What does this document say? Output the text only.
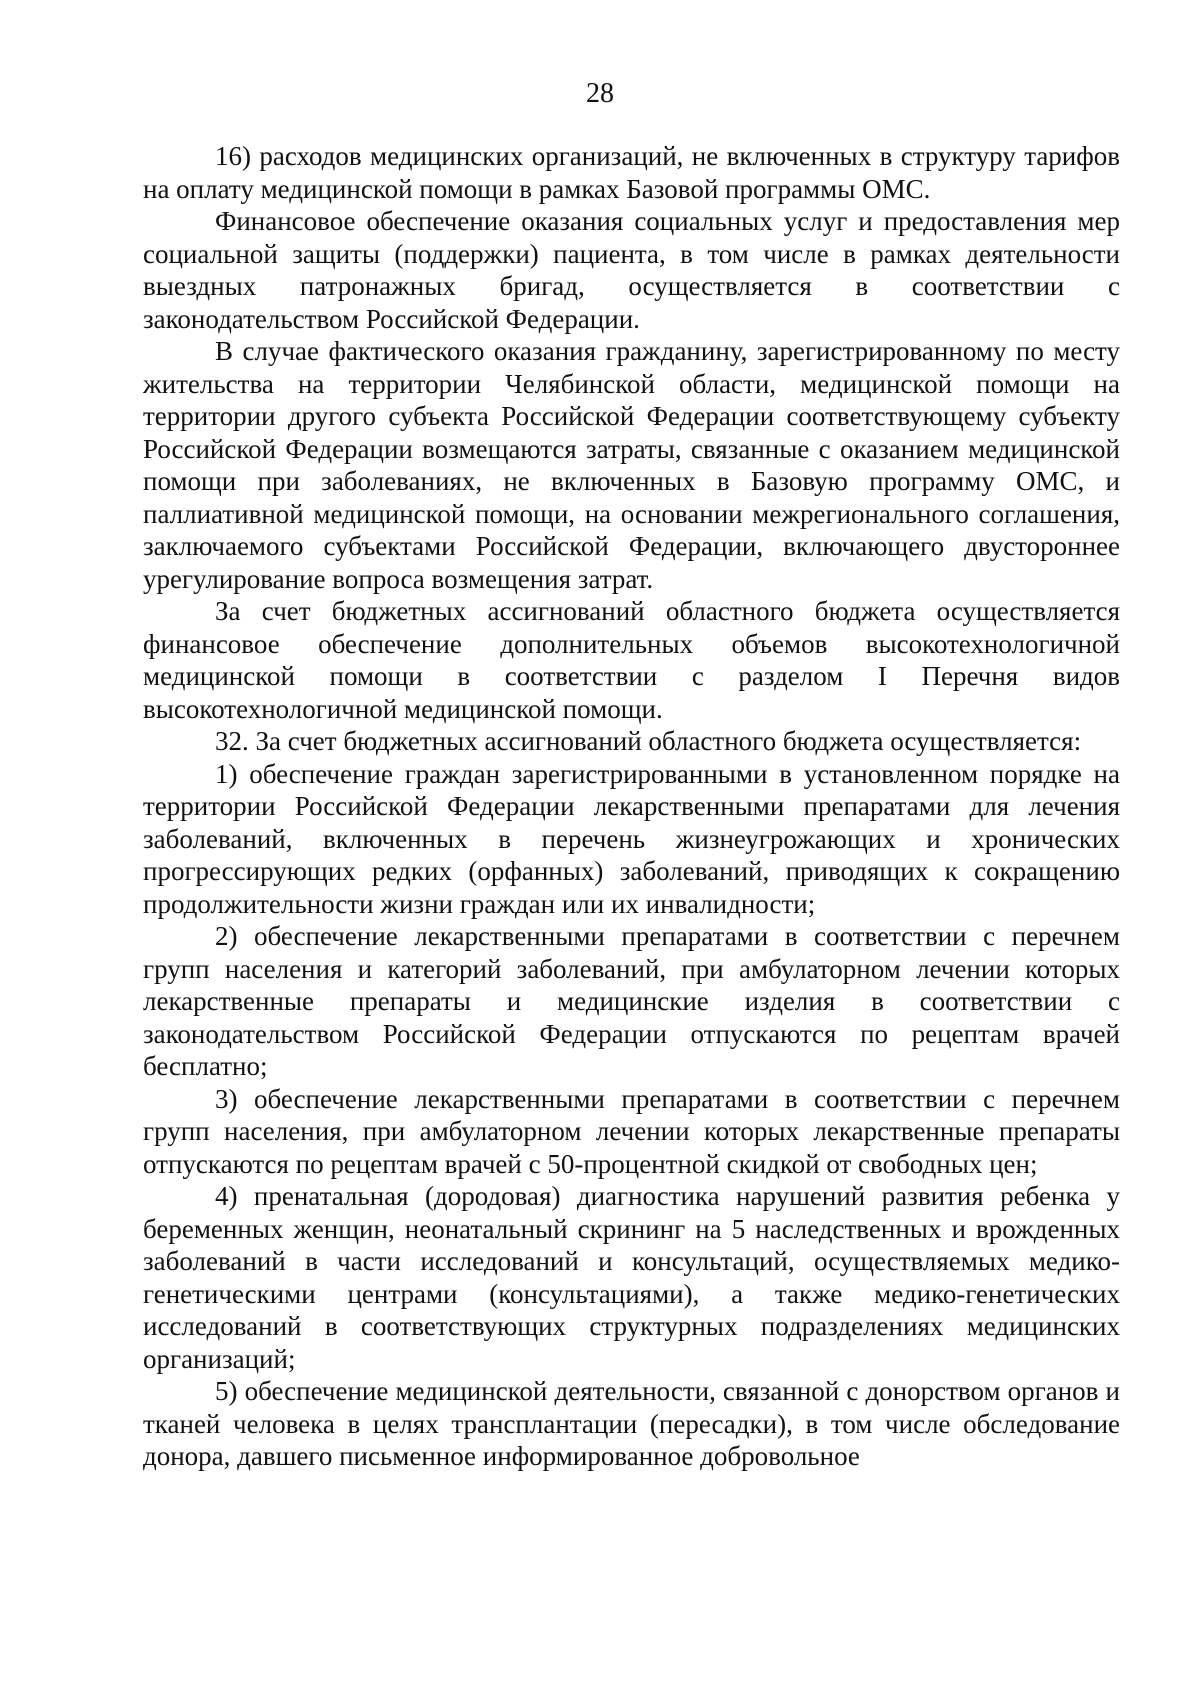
28

16) расходов медицинских организаций, не включенных в структуру тарифов на оплату медицинской помощи в рамках Базовой программы ОМС.

Финансовое обеспечение оказания социальных услуг и предоставления мер социальной защиты (поддержки) пациента, в том числе в рамках деятельности выездных патронажных бригад, осуществляется в соответствии с законодательством Российской Федерации.

В случае фактического оказания гражданину, зарегистрированному по месту жительства на территории Челябинской области, медицинской помощи на территории другого субъекта Российской Федерации соответствующему субъекту Российской Федерации возмещаются затраты, связанные с оказанием медицинской помощи при заболеваниях, не включенных в Базовую программу ОМС, и паллиативной медицинской помощи, на основании межрегионального соглашения, заключаемого субъектами Российской Федерации, включающего двустороннее урегулирование вопроса возмещения затрат.

За счет бюджетных ассигнований областного бюджета осуществляется финансовое обеспечение дополнительных объемов высокотехнологичной медицинской помощи в соответствии с разделом I Перечня видов высокотехнологичной медицинской помощи.

32. За счет бюджетных ассигнований областного бюджета осуществляется:

1) обеспечение граждан зарегистрированными в установленном порядке на территории Российской Федерации лекарственными препаратами для лечения заболеваний, включенных в перечень жизнеугрожающих и хронических прогрессирующих редких (орфанных) заболеваний, приводящих к сокращению продолжительности жизни граждан или их инвалидности;

2) обеспечение лекарственными препаратами в соответствии с перечнем групп населения и категорий заболеваний, при амбулаторном лечении которых лекарственные препараты и медицинские изделия в соответствии с законодательством Российской Федерации отпускаются по рецептам врачей бесплатно;

3) обеспечение лекарственными препаратами в соответствии с перечнем групп населения, при амбулаторном лечении которых лекарственные препараты отпускаются по рецептам врачей с 50-процентной скидкой от свободных цен;

4) пренатальная (дородовая) диагностика нарушений развития ребенка у беременных женщин, неонатальный скрининг на 5 наследственных и врожденных заболеваний в части исследований и консультаций, осуществляемых медико-генетическими центрами (консультациями), а также медико-генетических исследований в соответствующих структурных подразделениях медицинских организаций;

5) обеспечение медицинской деятельности, связанной с донорством органов и тканей человека в целях трансплантации (пересадки), в том числе обследование донора, давшего письменное информированное добровольное
